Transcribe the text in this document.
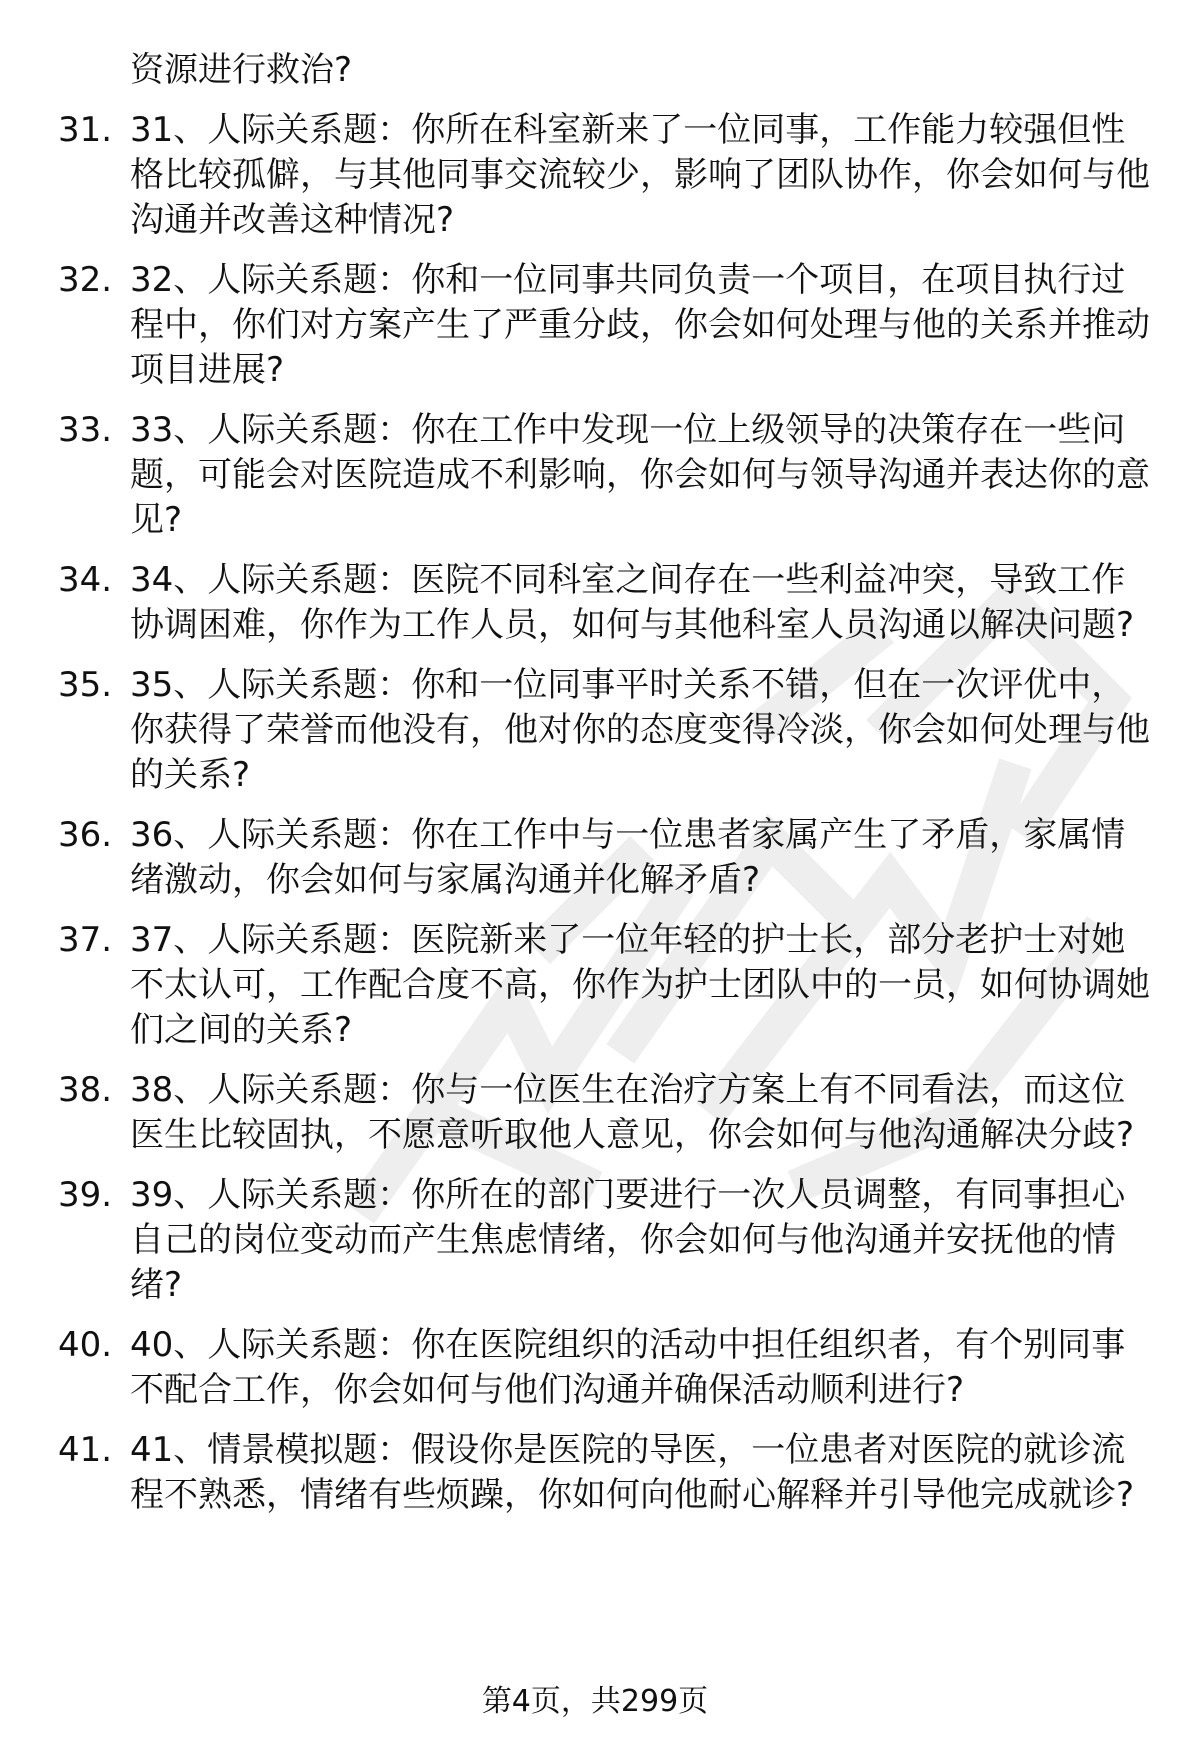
资源进行救治?
31. 31、人际关系题：你所在科室新来了一位同事，工作能力较强但性格比较孤僻，与其他同事交流较少，影响了团队协作，你会如何与他沟通并改善这种情况?
32. 32、人际关系题：你和一位同事共同负责一个项目，在项目执行过程中，你们对方案产生了严重分歧，你会如何处理与他的关系并推动项目进展?
33. 33、人际关系题：你在工作中发现一位上级领导的决策存在一些问题，可能会对医院造成不利影响，你会如何与领导沟通并表达你的意见?
34. 34、人际关系题：医院不同科室之间存在一些利益冲突，导致工作协调困难，你作为工作人员，如何与其他科室人员沟通以解决问题?
35. 35、人际关系题：你和一位同事平时关系不错，但在一次评优中，你获得了荣誉而他没有，他对你的态度变得冷淡，你会如何处理与他的关系?
36. 36、人际关系题：你在工作中与一位患者家属产生了矛盾，家属情绪激动，你会如何与家属沟通并化解矛盾?
37. 37、人际关系题：医院新来了一位年轻的护士长，部分老护士对她不太认可，工作配合度不高，你作为护士团队中的一员，如何协调她们之间的关系?
38. 38、人际关系题：你与一位医生在治疗方案上有不同看法，而这位医生比较固执，不愿意听取他人意见，你会如何与他沟通解决分歧?
39. 39、人际关系题：你所在的部门要进行一次人员调整，有同事担心自己的岗位变动而产生焦虑情绪，你会如何与他沟通并安抚他的情绪?
40. 40、人际关系题：你在医院组织的活动中担任组织者，有个别同事不配合工作，你会如何与他们沟通并确保活动顺利进行?
41. 41、情景模拟题：假设你是医院的导医，一位患者对医院的就诊流程不熟悉，情绪有些烦躁，你如何向他耐心解释并引导他完成就诊?
第4页，共299页
